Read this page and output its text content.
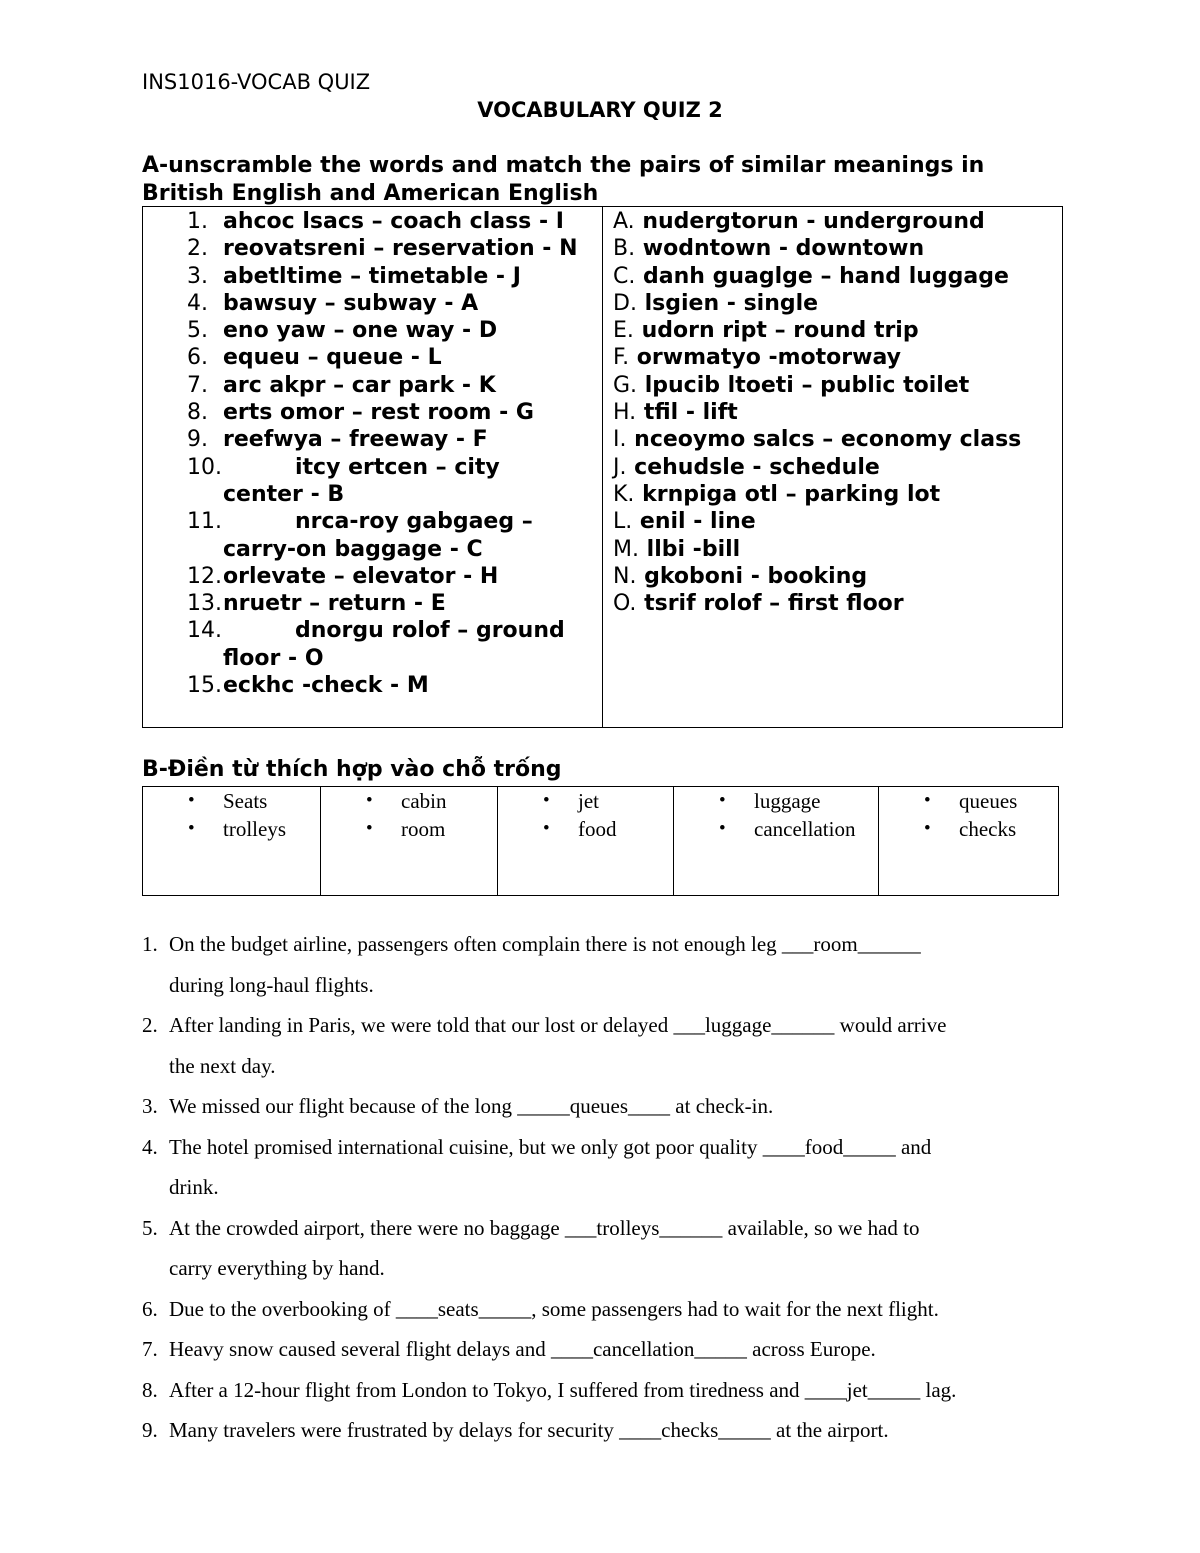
INS1016-VOCAB QUIZ
VOCABULARY QUIZ 2
A-unscramble the words and match the pairs of similar meanings in British English and American English
1. ahcoc lsacs – coach class - I
2. reovatsreni – reservation - N
3. abetltime – timetable - J
4. bawsuy – subway - A
5. eno yaw – one way - D
6. equeu – queue - L
7. arc akpr – car park - K
8. erts omor – rest room - G
9. reefwya – freeway - F
10.	itcy ertcen – city
center - B
11.	nrca-roy gabgaeg –
carry-on baggage - C
12. orlevate – elevator - H
13. nruetr – return - E
14.	dnorgu rolof – ground
floor - O
15. eckhc -check - M
A. nudergtorun - underground
B. wodntown - downtown
C. danh guaglge – hand luggage
D. lsgien - single
E. udorn ript – round trip
F. orwmatyo -motorway
G. lpucib ltoeti – public toilet
H. tfil - lift
I. nceoymo salcs – economy class
J. cehudsle - schedule
K. krnpiga otl – parking lot
L. enil - line
M. llbi -bill
N. gkoboni - booking
O. tsrif rolof – first floor
B-Điền từ thích hợp vào chỗ trống
• Seats
• trolleys
• cabin
• room
• jet
• food
• luggage
• cancellation
• queues
• checks
1. On the budget airline, passengers often complain there is not enough leg ___room______
during long-haul flights.
2. After landing in Paris, we were told that our lost or delayed ___luggage______ would arrive
the next day.
3. We missed our flight because of the long _____queues____ at check-in.
4. The hotel promised international cuisine, but we only got poor quality ____food_____ and
drink.
5. At the crowded airport, there were no baggage ___trolleys______ available, so we had to
carry everything by hand.
6. Due to the overbooking of ____seats_____, some passengers had to wait for the next flight.
7. Heavy snow caused several flight delays and ____cancellation_____ across Europe.
8. After a 12-hour flight from London to Tokyo, I suffered from tiredness and ____jet_____ lag.
9. Many travelers were frustrated by delays for security ____checks_____ at the airport.
